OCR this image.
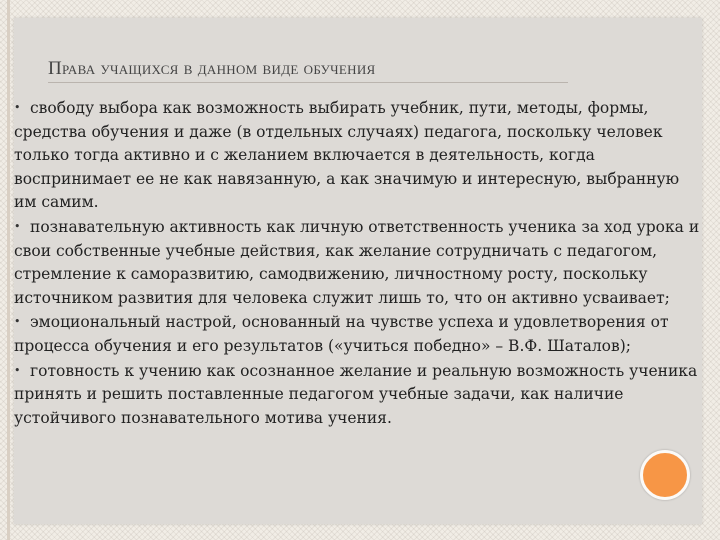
Права учащихся в данном виде обучения

• свободу выбора как возможность выбирать учебник, пути, методы, формы, средства обучения и даже (в отдельных случаях) педагога, поскольку человек только тогда активно и с желанием включается в деятельность, когда воспринимает ее не как навязанную, а как значимую и интересную, выбранную им самим.

• познавательную активность как личную ответственность ученика за ход урока и свои собственные учебные действия, как желание сотрудничать с педагогом, стремление к саморазвитию, самодвижению, личностному росту, поскольку источником развития для человека служит лишь то, что он активно усваивает;

• эмоциональный настрой, основанный на чувстве успеха и удовлетворения от процесса обучения и его результатов («учиться победно» – В.Ф. Шаталов);

• готовность к учению как осознанное желание и реальную возможность ученика принять и решить поставленные педагогом учебные задачи, как наличие устойчивого познавательного мотива учения.
